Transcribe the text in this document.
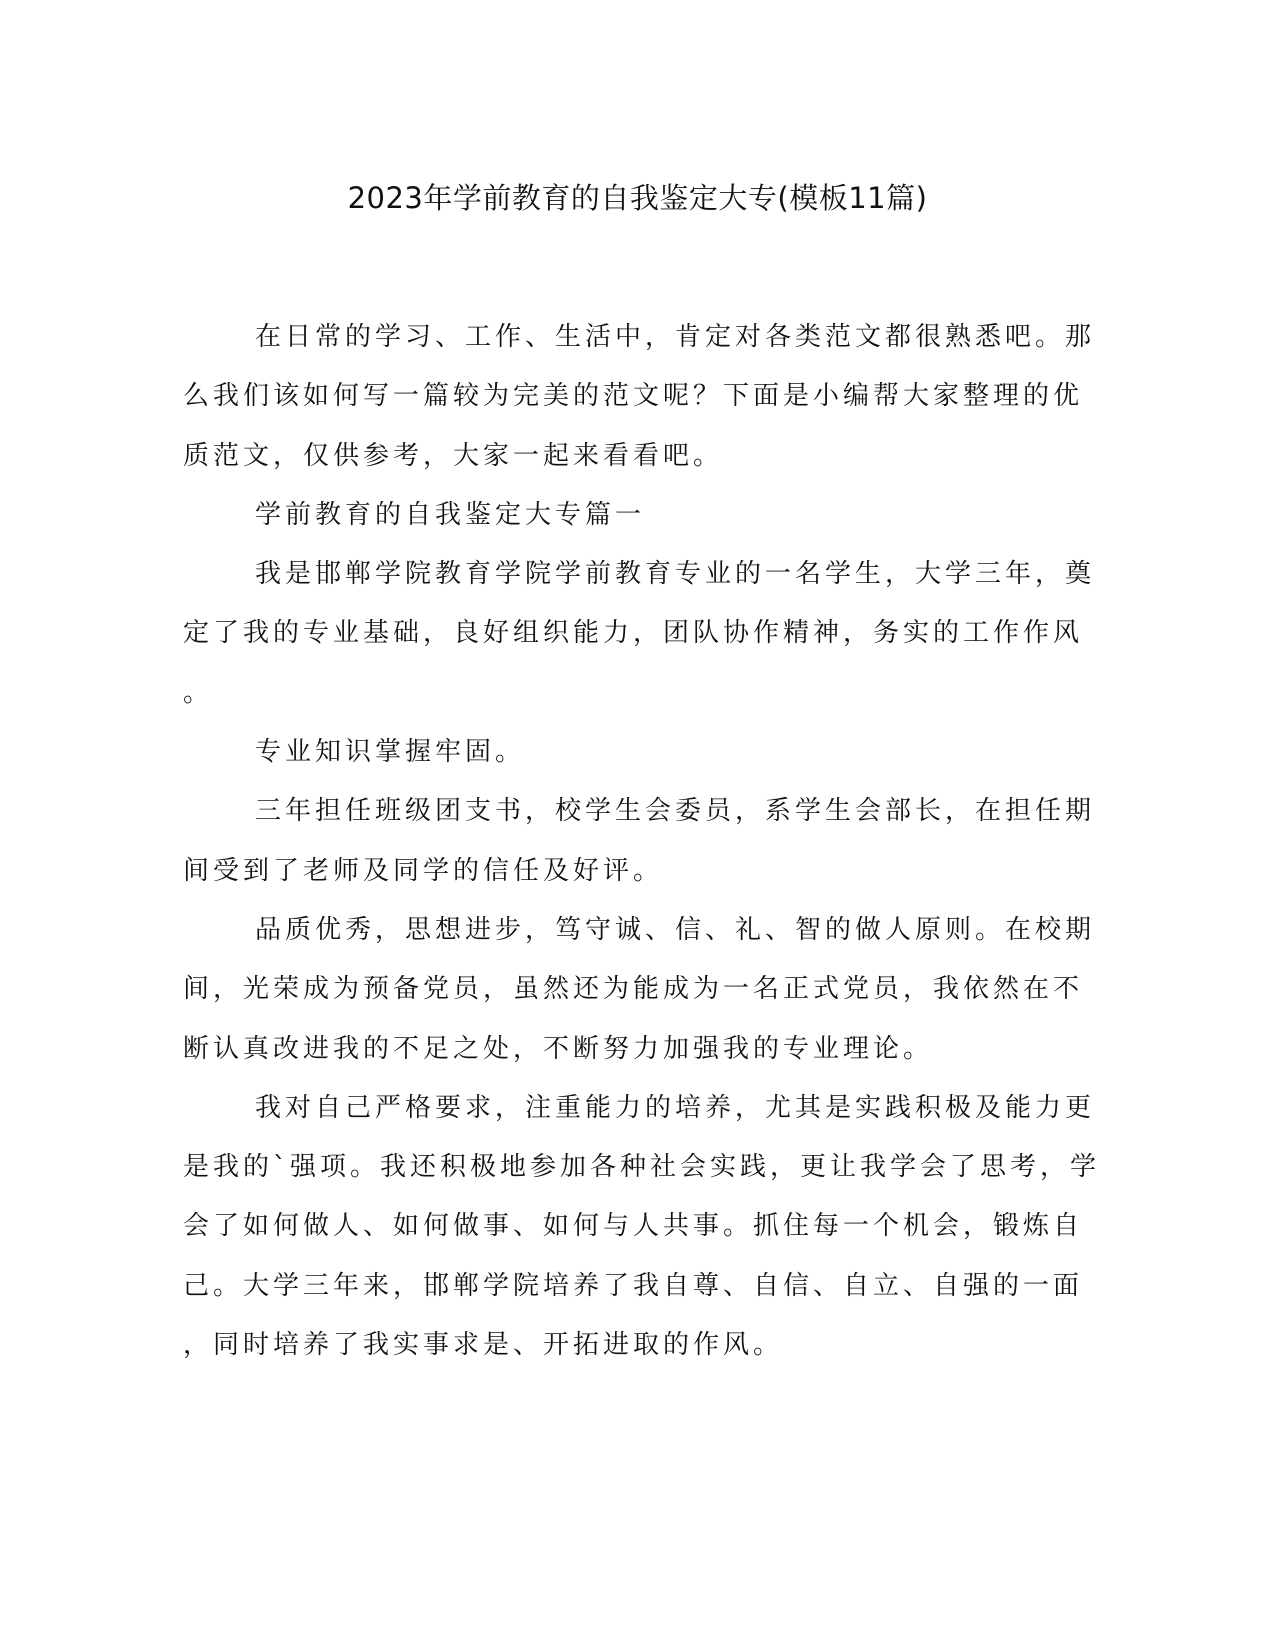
2023年学前教育的自我鉴定大专(模板11篇)
在日常的学习、工作、生活中，肯定对各类范文都很熟悉吧。那
么我们该如何写一篇较为完美的范文呢？下面是小编帮大家整理的优
质范文，仅供参考，大家一起来看看吧。
学前教育的自我鉴定大专篇一
我是邯郸学院教育学院学前教育专业的一名学生，大学三年，奠
定了我的专业基础，良好组织能力，团队协作精神，务实的工作作风
。
专业知识掌握牢固。
三年担任班级团支书，校学生会委员，系学生会部长，在担任期
间受到了老师及同学的信任及好评。
品质优秀，思想进步，笃守诚、信、礼、智的做人原则。在校期
间，光荣成为预备党员，虽然还为能成为一名正式党员，我依然在不
断认真改进我的不足之处，不断努力加强我的专业理论。
我对自己严格要求，注重能力的培养，尤其是实践积极及能力更
是我的`强项。我还积极地参加各种社会实践，更让我学会了思考，学
会了如何做人、如何做事、如何与人共事。抓住每一个机会，锻炼自
己。大学三年来，邯郸学院培养了我自尊、自信、自立、自强的一面
，同时培养了我实事求是、开拓进取的作风。
